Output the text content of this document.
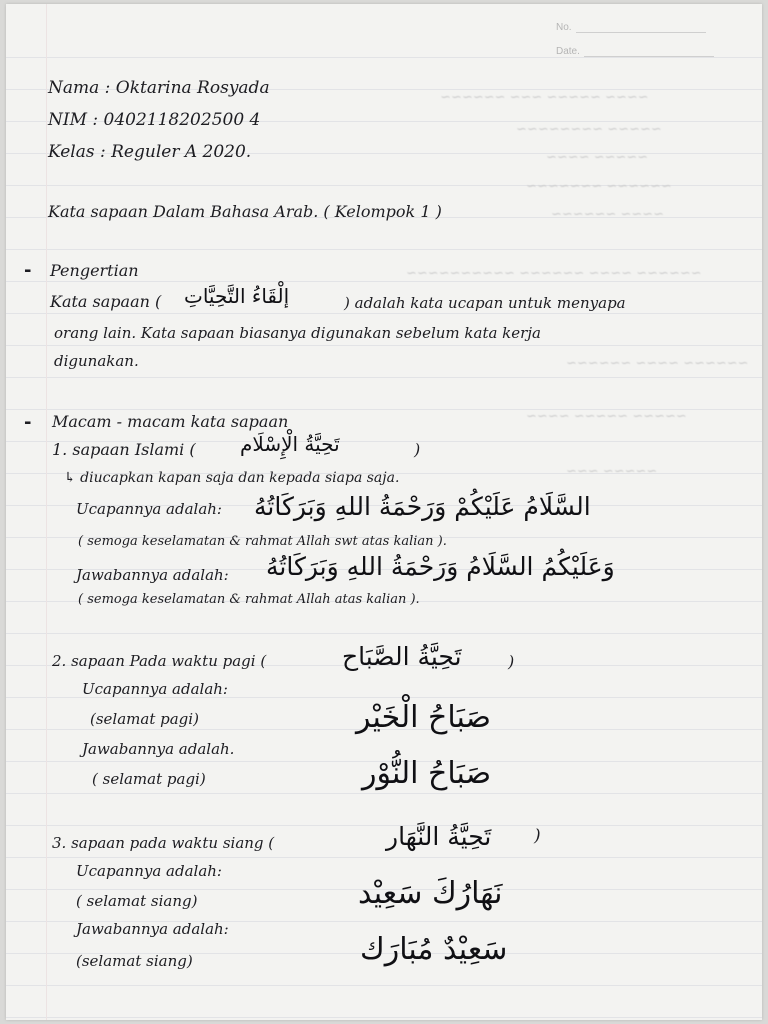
~~~~ ~~~~~ ~~~ ~~~~~~
~~~~~ ~~~~~~~~
~~~~~ ~~~~
~~~~~~ ~~~~~~~
~~~~ ~~~~~~
~~~~~~ ~~~~ ~~~~~~ ~~~~~~~~~~
~~~~~~ ~~~~ ~~~~~~
~~~~~ ~~~~~ ~~~~
~~~~~ ~~~
No.
Date.
Nama : Oktarina Rosyada
NIM : 0402118202500 4
Kelas : Reguler A 2020.
Kata sapaan Dalam Bahasa Arab. ( Kelompok 1 )
- Pengertian
Kata sapaan ( إلْقَاءُ التَّحِيَّاتِ	) adalah kata ucapan untuk menyapa
orang lain. Kata sapaan biasanya digunakan sebelum kata kerja
digunakan.
- Macam - macam kata sapaan
1. sapaan Islami ( تَحِيَّةُ الْإِسْلَام	)
↳ diucapkan kapan saja dan kepada siapa saja.
Ucapannya adalah: السَّلَامُ عَلَيْكُمْ وَرَحْمَةُ اللهِ وَبَرَكَاتُهُ
( semoga keselamatan & rahmat Allah swt atas kalian ).
Jawabannya adalah: وَعَلَيْكُمُ السَّلَامُ وَرَحْمَةُ اللهِ وَبَرَكَاتُهُ
( semoga keselamatan & rahmat Allah atas kalian ).
2. sapaan Pada waktu pagi (	تَحِيَّةُ الصَّبَاح	)
Ucapannya adalah:
صَبَاحُ الْخَيْر
(selamat pagi)
Jawabannya adalah.
صَبَاحُ النُّوْر
( selamat pagi)
3. sapaan pada waktu siang (	تَحِيَّةُ النَّهَار	)
Ucapannya adalah:
نَهَارُكَ سَعِيْد
( selamat siang)
Jawabannya adalah:
سَعِيْدٌ مُبَارَك
(selamat siang)
